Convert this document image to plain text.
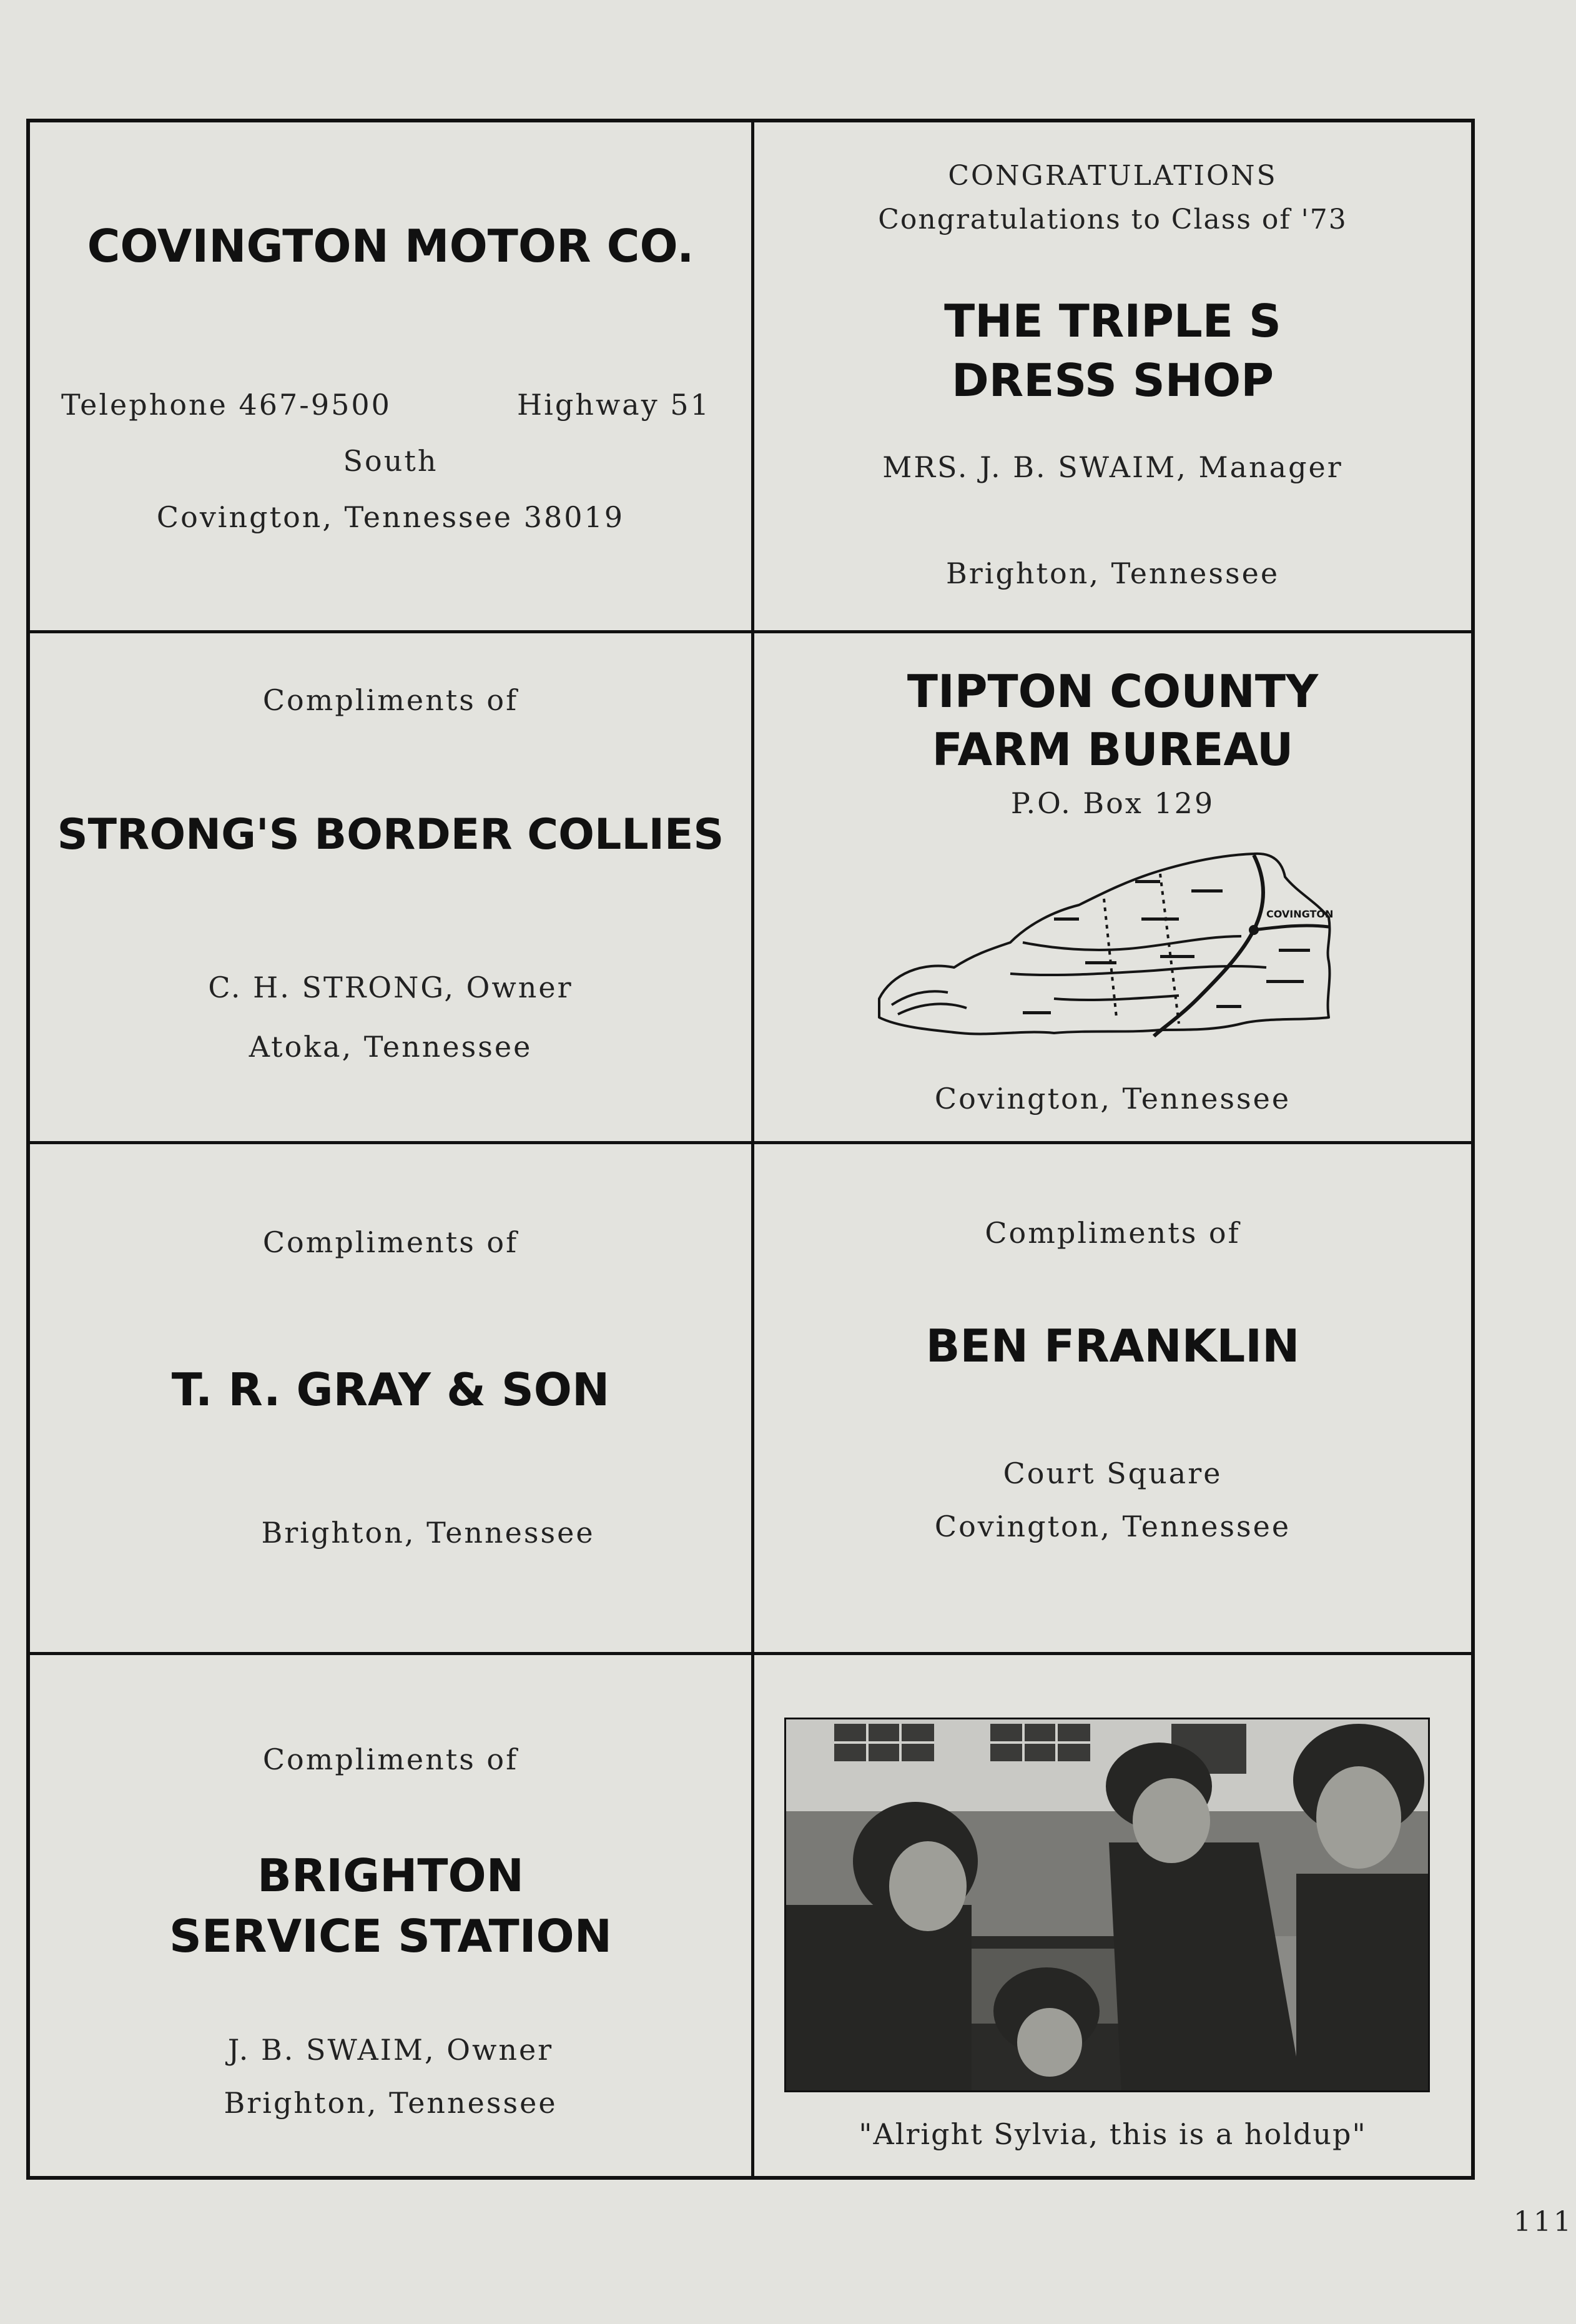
COVINGTON MOTOR CO.
Telephone 467-9500	Highway 51
South
Covington, Tennessee 38019
CONGRATULATIONS
Congratulations to Class of '73
THE TRIPLE S
DRESS SHOP
MRS. J. B. SWAIM, Manager
Brighton, Tennessee
Compliments of
STRONG'S BORDER COLLIES
C. H. STRONG, Owner
Atoka, Tennessee
TIPTON COUNTY
FARM BUREAU
P.O. Box 129
COVINGTON
Covington, Tennessee
Compliments of
T. R. GRAY & SON
Brighton, Tennessee
Compliments of
BEN FRANKLIN
Court Square
Covington, Tennessee
Compliments of
BRIGHTON
SERVICE STATION
J. B. SWAIM, Owner
Brighton, Tennessee
"Alright Sylvia, this is a holdup"
111
